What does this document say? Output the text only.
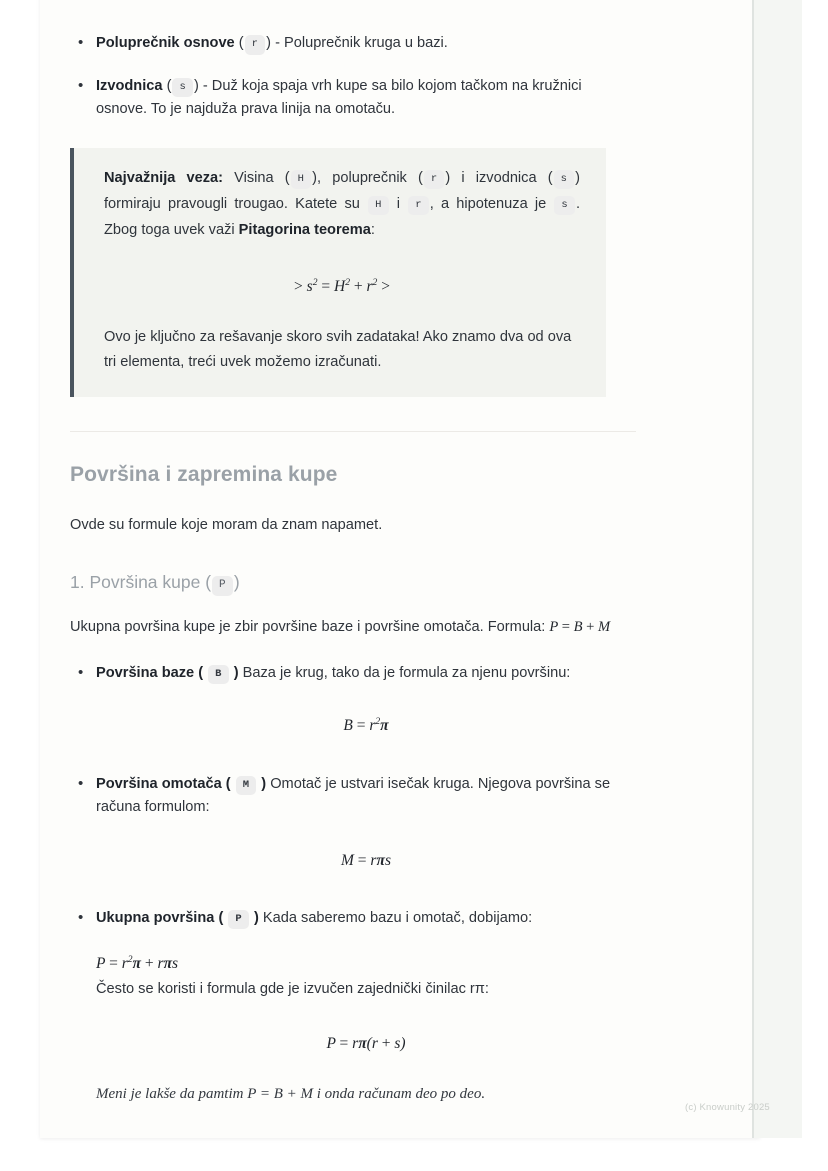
• Poluprečnik osnove ( r ) - Poluprečnik kruga u bazi.
• Izvodnica ( s ) - Duž koja spaja vrh kupe sa bilo kojom tačkom na kružnici osnove. To je najduža prava linija na omotaču.

Najvažnija veza: Visina ( H ), poluprečnik ( r ) i izvodnica ( s ) formiraju pravougli trougao. Katete su H i r , a hipotenuza je s . Zbog toga uvek važi Pitagorina teorema:

> $s^2 = H^2 + r^2$ >

Ovo je ključno za rešavanje skoro svih zadataka! Ako znamo dva od ova tri elementa, treći uvek možemo izračunati.

Površina i zapremina kupe

Ovde su formule koje moram da znam napamet.

1. Površina kupe ( P )

Ukupna površina kupe je zbir površine baze i površine omotača. Formula: P = B + M

• Površina baze ( B ) Baza je krug, tako da je formula za njenu površinu:
$B = r^2\pi$
• Površina omotača ( M ) Omotač je ustvari isečak kruga. Njegova površina se računa formulom:
M = rπs
• Ukupna površina ( P ) Kada saberemo bazu i omotač, dobijamo:
$P = r^2\pi + r\pi s$
Često se koristi i formula gde je izvučen zajednički činilac rπ:
P = rπ(r + s)

Meni je lakše da pamtim P = B + M i onda računam deo po deo.

(c) Knowunity 2025
